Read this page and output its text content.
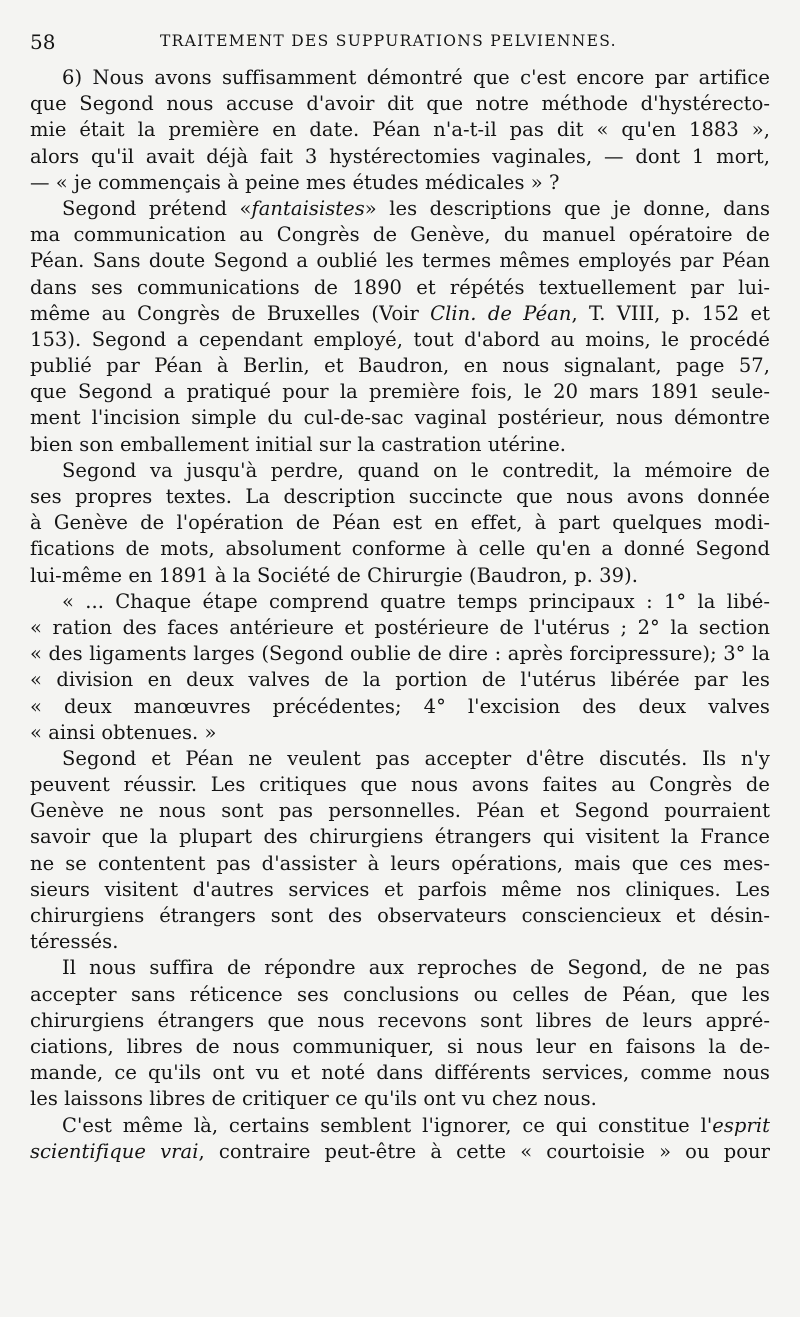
58	TRAITEMENT DES SUPPURATIONS PELVIENNES.
6) Nous avons suffisamment démontré que c'est encore par artifice
que Segond nous accuse d'avoir dit que notre méthode d'hystérecto-
mie était la première en date. Péan n'a-t-il pas dit « qu'en 1883 »,
alors qu'il avait déjà fait 3 hystérectomies vaginales, — dont 1 mort,
— « je commençais à peine mes études médicales » ?
Segond prétend «fantaisistes» les descriptions que je donne, dans
ma communication au Congrès de Genève, du manuel opératoire de
Péan. Sans doute Segond a oublié les termes mêmes employés par Péan
dans ses communications de 1890 et répétés textuellement par lui-
même au Congrès de Bruxelles (Voir Clin. de Péan, T. VIII, p. 152 et
153). Segond a cependant employé, tout d'abord au moins, le procédé
publié par Péan à Berlin, et Baudron, en nous signalant, page 57,
que Segond a pratiqué pour la première fois, le 20 mars 1891 seule-
ment l'incision simple du cul-de-sac vaginal postérieur, nous démontre
bien son emballement initial sur la castration utérine.
Segond va jusqu'à perdre, quand on le contredit, la mémoire de
ses propres textes. La description succincte que nous avons donnée
à Genève de l'opération de Péan est en effet, à part quelques modi-
fications de mots, absolument conforme à celle qu'en a donné Segond
lui-même en 1891 à la Société de Chirurgie (Baudron, p. 39).
« ... Chaque étape comprend quatre temps principaux : 1° la libé-
« ration des faces antérieure et postérieure de l'utérus ; 2° la section
« des ligaments larges (Segond oublie de dire : après forcipressure); 3° la
« division en deux valves de la portion de l'utérus libérée par les
« deux manœuvres précédentes; 4° l'excision des deux valves
« ainsi obtenues. »
Segond et Péan ne veulent pas accepter d'être discutés. Ils n'y
peuvent réussir. Les critiques que nous avons faites au Congrès de
Genève ne nous sont pas personnelles. Péan et Segond pourraient
savoir que la plupart des chirurgiens étrangers qui visitent la France
ne se contentent pas d'assister à leurs opérations, mais que ces mes-
sieurs visitent d'autres services et parfois même nos cliniques. Les
chirurgiens étrangers sont des observateurs consciencieux et désin-
téressés.
Il nous suffira de répondre aux reproches de Segond, de ne pas
accepter sans réticence ses conclusions ou celles de Péan, que les
chirurgiens étrangers que nous recevons sont libres de leurs appré-
ciations, libres de nous communiquer, si nous leur en faisons la de-
mande, ce qu'ils ont vu et noté dans différents services, comme nous
les laissons libres de critiquer ce qu'ils ont vu chez nous.
C'est même là, certains semblent l'ignorer, ce qui constitue l'esprit
scientifique vrai, contraire peut-être à cette « courtoisie » ou pour
